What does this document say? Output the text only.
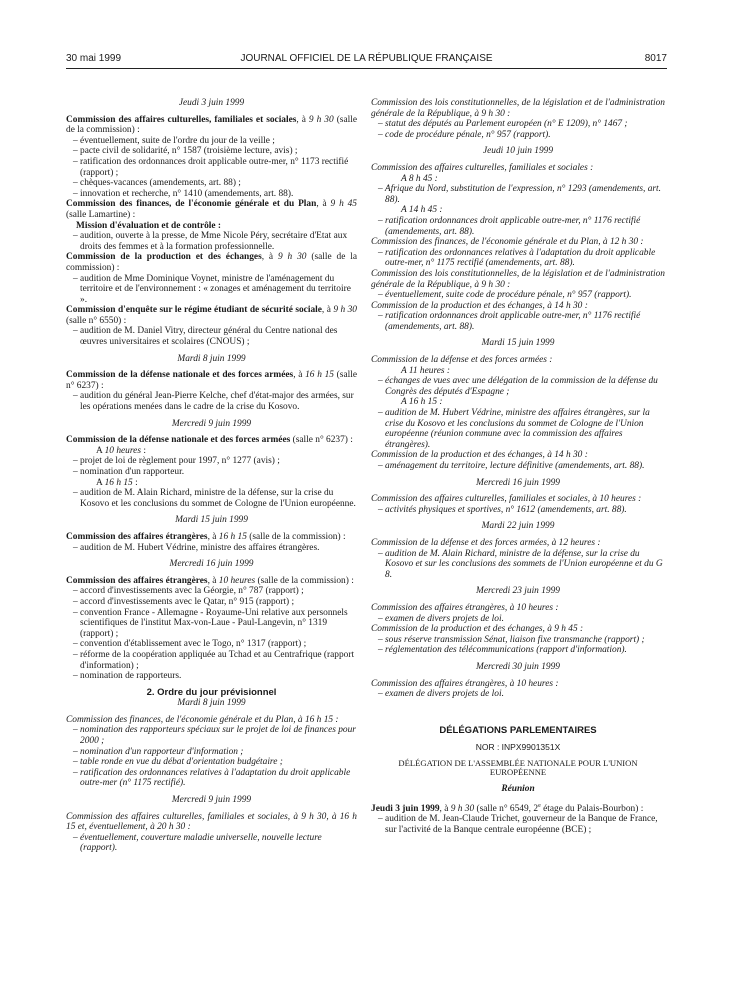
30 mai 1999	JOURNAL OFFICIEL DE LA RÉPUBLIQUE FRANÇAISE	8017

Jeudi 3 juin 1999

Commission des affaires culturelles, familiales et sociales, à 9 h 30 (salle de la commission) :

– éventuellement, suite de l'ordre du jour de la veille ;

– pacte civil de solidarité, n° 1587 (troisième lecture, avis) ;

– ratification des ordonnances droit applicable outre-mer, n° 1173 rectifié (rapport) ;

– chèques-vacances (amendements, art. 88) ;

– innovation et recherche, n° 1410 (amendements, art. 88).

Commission des finances, de l'économie générale et du Plan, à 9 h 45 (salle Lamartine) :

Mission d'évaluation et de contrôle :

– audition, ouverte à la presse, de Mme Nicole Péry, secrétaire d'Etat aux droits des femmes et à la formation professionnelle.

Commission de la production et des échanges, à 9 h 30 (salle de la commission) :

– audition de Mme Dominique Voynet, ministre de l'aménagement du territoire et de l'environnement : « zonages et aménagement du territoire ».

Commission d'enquête sur le régime étudiant de sécurité sociale, à 9 h 30 (salle n° 6550) :

– audition de M. Daniel Vitry, directeur général du Centre national des œuvres universitaires et scolaires (CNOUS) ;

Mardi 8 juin 1999

Commission de la défense nationale et des forces armées, à 16 h 15 (salle n° 6237) :

– audition du général Jean-Pierre Kelche, chef d'état-major des armées, sur les opérations menées dans le cadre de la crise du Kosovo.

Mercredi 9 juin 1999

Commission de la défense nationale et des forces armées (salle n° 6237) :

A 10 heures :

– projet de loi de règlement pour 1997, n° 1277 (avis) ;

– nomination d'un rapporteur.

A 16 h 15 :

– audition de M. Alain Richard, ministre de la défense, sur la crise du Kosovo et les conclusions du sommet de Cologne de l'Union européenne.

Mardi 15 juin 1999

Commission des affaires étrangères, à 16 h 15 (salle de la commission) :

– audition de M. Hubert Védrine, ministre des affaires étrangères.

Mercredi 16 juin 1999

Commission des affaires étrangères, à 10 heures (salle de la commission) :

– accord d'investissements avec la Géorgie, n° 787 (rapport) ;

– accord d'investissements avec le Qatar, n° 915 (rapport) ;

– convention France - Allemagne - Royaume-Uni relative aux personnels scientifiques de l'institut Max-von-Laue - Paul-Langevin, n° 1319 (rapport) ;

– convention d'établissement avec le Togo, n° 1317 (rapport) ;

– réforme de la coopération appliquée au Tchad et au Centrafrique (rapport d'information) ;

– nomination de rapporteurs.

2. Ordre du jour prévisionnel

Mardi 8 juin 1999

Commission des finances, de l'économie générale et du Plan, à 16 h 15 :

– nomination des rapporteurs spéciaux sur le projet de loi de finances pour 2000 ;

– nomination d'un rapporteur d'information ;

– table ronde en vue du débat d'orientation budgétaire ;

– ratification des ordonnances relatives à l'adaptation du droit applicable outre-mer (n° 1175 rectifié).

Mercredi 9 juin 1999

Commission des affaires culturelles, familiales et sociales, à 9 h 30, à 16 h 15 et, éventuellement, à 20 h 30 :

– éventuellement, couverture maladie universelle, nouvelle lecture (rapport).

Commission des lois constitutionnelles, de la législation et de l'administration générale de la République, à 9 h 30 :

– statut des députés au Parlement européen (n° E 1209), n° 1467 ;

– code de procédure pénale, n° 957 (rapport).

Jeudi 10 juin 1999

Commission des affaires culturelles, familiales et sociales :

A 8 h 45 :

– Afrique du Nord, substitution de l'expression, n° 1293 (amendements, art. 88).

A 14 h 45 :

– ratification ordonnances droit applicable outre-mer, n° 1176 rectifié (amendements, art. 88).

Commission des finances, de l'économie générale et du Plan, à 12 h 30 :

– ratification des ordonnances relatives à l'adaptation du droit applicable outre-mer, n° 1175 rectifié (amendements, art. 88).

Commission des lois constitutionnelles, de la législation et de l'administration générale de la République, à 9 h 30 :

– éventuellement, suite code de procédure pénale, n° 957 (rapport).

Commission de la production et des échanges, à 14 h 30 :

– ratification ordonnances droit applicable outre-mer, n° 1176 rectifié (amendements, art. 88).

Mardi 15 juin 1999

Commission de la défense et des forces armées :

A 11 heures :

– échanges de vues avec une délégation de la commission de la défense du Congrès des députés d'Espagne ;

A 16 h 15 :

– audition de M. Hubert Védrine, ministre des affaires étrangères, sur la crise du Kosovo et les conclusions du sommet de Cologne de l'Union européenne (réunion commune avec la commission des affaires étrangères).

Commission de la production et des échanges, à 14 h 30 :

– aménagement du territoire, lecture définitive (amendements, art. 88).

Mercredi 16 juin 1999

Commission des affaires culturelles, familiales et sociales, à 10 heures :

– activités physiques et sportives, n° 1612 (amendements, art. 88).

Mardi 22 juin 1999

Commission de la défense et des forces armées, à 12 heures :

– audition de M. Alain Richard, ministre de la défense, sur la crise du Kosovo et sur les conclusions des sommets de l'Union européenne et du G 8.

Mercredi 23 juin 1999

Commission des affaires étrangères, à 10 heures :

– examen de divers projets de loi.

Commission de la production et des échanges, à 9 h 45 :

– sous réserve transmission Sénat, liaison fixe transmanche (rapport) ;

– réglementation des télécommunications (rapport d'information).

Mercredi 30 juin 1999

Commission des affaires étrangères, à 10 heures :

– examen de divers projets de loi.

DÉLÉGATIONS PARLEMENTAIRES

NOR : INPX9901351X

DÉLÉGATION DE L'ASSEMBLÉE NATIONALE POUR L'UNION EUROPÉENNE

Réunion

Jeudi 3 juin 1999, à 9 h 30 (salle n° 6549, 2e étage du Palais-Bourbon) :

– audition de M. Jean-Claude Trichet, gouverneur de la Banque de France, sur l'activité de la Banque centrale européenne (BCE) ;
